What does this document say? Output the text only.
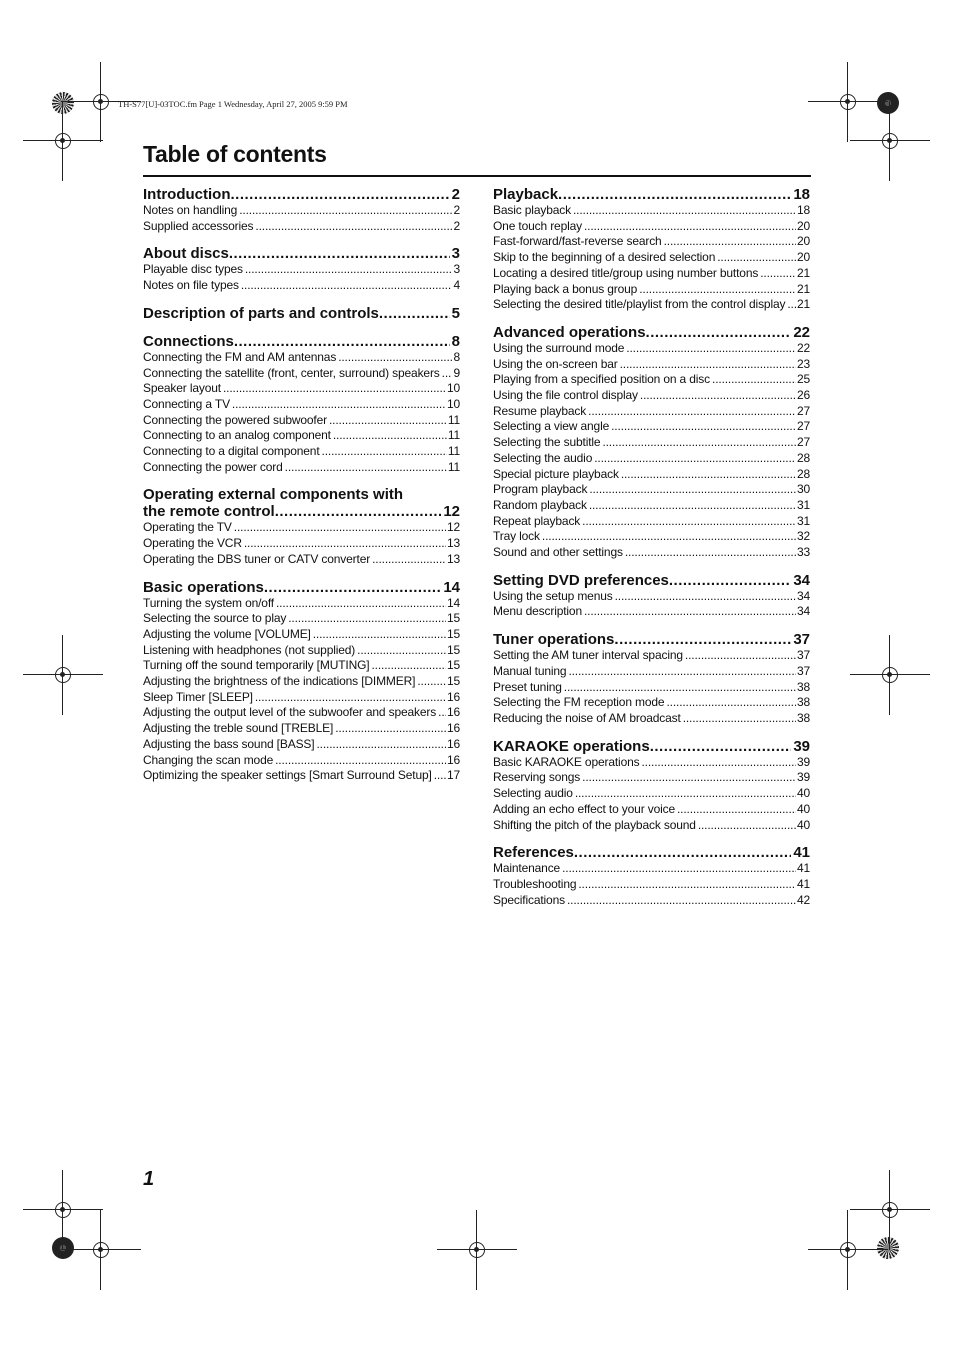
TH-S77[U]-03TOC.fm Page 1 Wednesday, April 27, 2005 9:59 PM
Table of contents
Introduction .....	2
Notes on handling .....	2
Supplied accessories .....	2
About discs .....	3
Playable disc types .....	3
Notes on file types .....	4
Description of parts and controls .....	5
Connections .....	8
Connecting the FM and AM antennas .....	8
Connecting the satellite (front, center, surround) speakers ..... 9
Speaker layout .....	10
Connecting a TV .....	10
Connecting the powered subwoofer .....	11
Connecting to an analog component .....	11
Connecting to a digital component .....	11
Connecting the power cord .....	11
Operating external components with
the remote control .....	12
Operating the TV .....	12
Operating the VCR .....	13
Operating the DBS tuner or CATV converter .....	13
Basic operations .....	14
Turning the system on/off .....	14
Selecting the source to play .....	15
Adjusting the volume [VOLUME] .....	15
Listening with headphones (not supplied) .....	15
Turning off the sound temporarily [MUTING] .....	15
Adjusting the brightness of the indications [DIMMER] .....	15
Sleep Timer [SLEEP] .....	16
Adjusting the output level of the subwoofer and speakers ..... 16
Adjusting the treble sound [TREBLE] .....	16
Adjusting the bass sound [BASS] .....	16
Changing the scan mode .....	16
Optimizing the speaker settings [Smart Surround Setup] ..... 17
Playback .....	18
Basic playback .....	18
One touch replay .....	20
Fast-forward/fast-reverse search .....	20
Skip to the beginning of a desired selection .....	20
Locating a desired title/group using number buttons .....	21
Playing back a bonus group .....	21
Selecting the desired title/playlist from the control display ..... 21
Advanced operations .....	22
Using the surround mode .....	22
Using the on-screen bar .....	23
Playing from a specified position on a disc .....	25
Using the file control display .....	26
Resume playback .....	27
Selecting a view angle .....	27
Selecting the subtitle .....	27
Selecting the audio .....	28
Special picture playback .....	28
Program playback .....	30
Random playback .....	31
Repeat playback .....	31
Tray lock .....	32
Sound and other settings .....	33
Setting DVD preferences .....	34
Using the setup menus .....	34
Menu description .....	34
Tuner operations .....	37
Setting the AM tuner interval spacing .....	37
Manual tuning .....	37
Preset tuning .....	38
Selecting the FM reception mode .....	38
Reducing the noise of AM broadcast .....	38
KARAOKE operations .....	39
Basic KARAOKE operations .....	39
Reserving songs .....	39
Selecting audio .....	40
Adding an echo effect to your voice .....	40
Shifting the pitch of the playback sound .....	40
References .....	41
Maintenance .....	41
Troubleshooting .....	41
Specifications .....	42
1
